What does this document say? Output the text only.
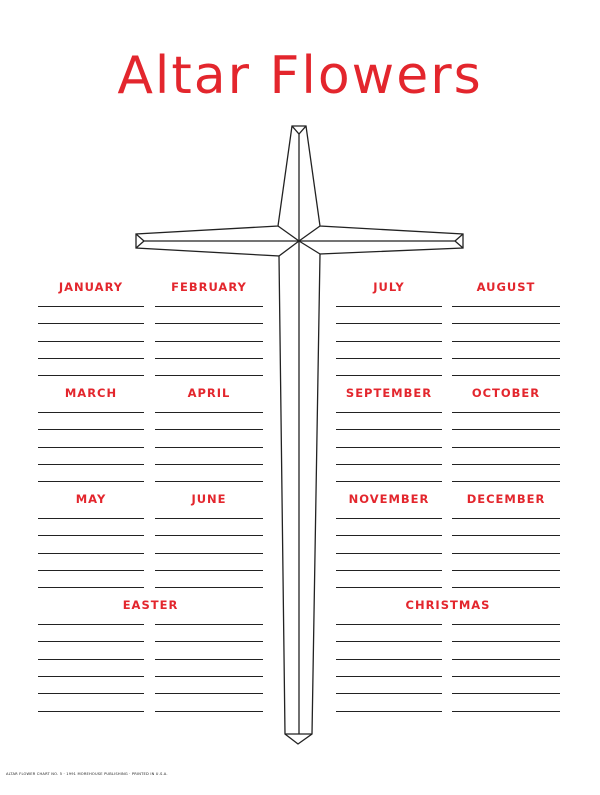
Altar Flowers
JANUARY	FEBRUARY	JULY	AUGUST
MARCH	APRIL	SEPTEMBER	OCTOBER
MAY	JUNE	NOVEMBER	DECEMBER
EASTER	CHRISTMAS
ALTAR FLOWER CHART NO. 5 · 1991 MOREHOUSE PUBLISHING · PRINTED IN U.S.A.
